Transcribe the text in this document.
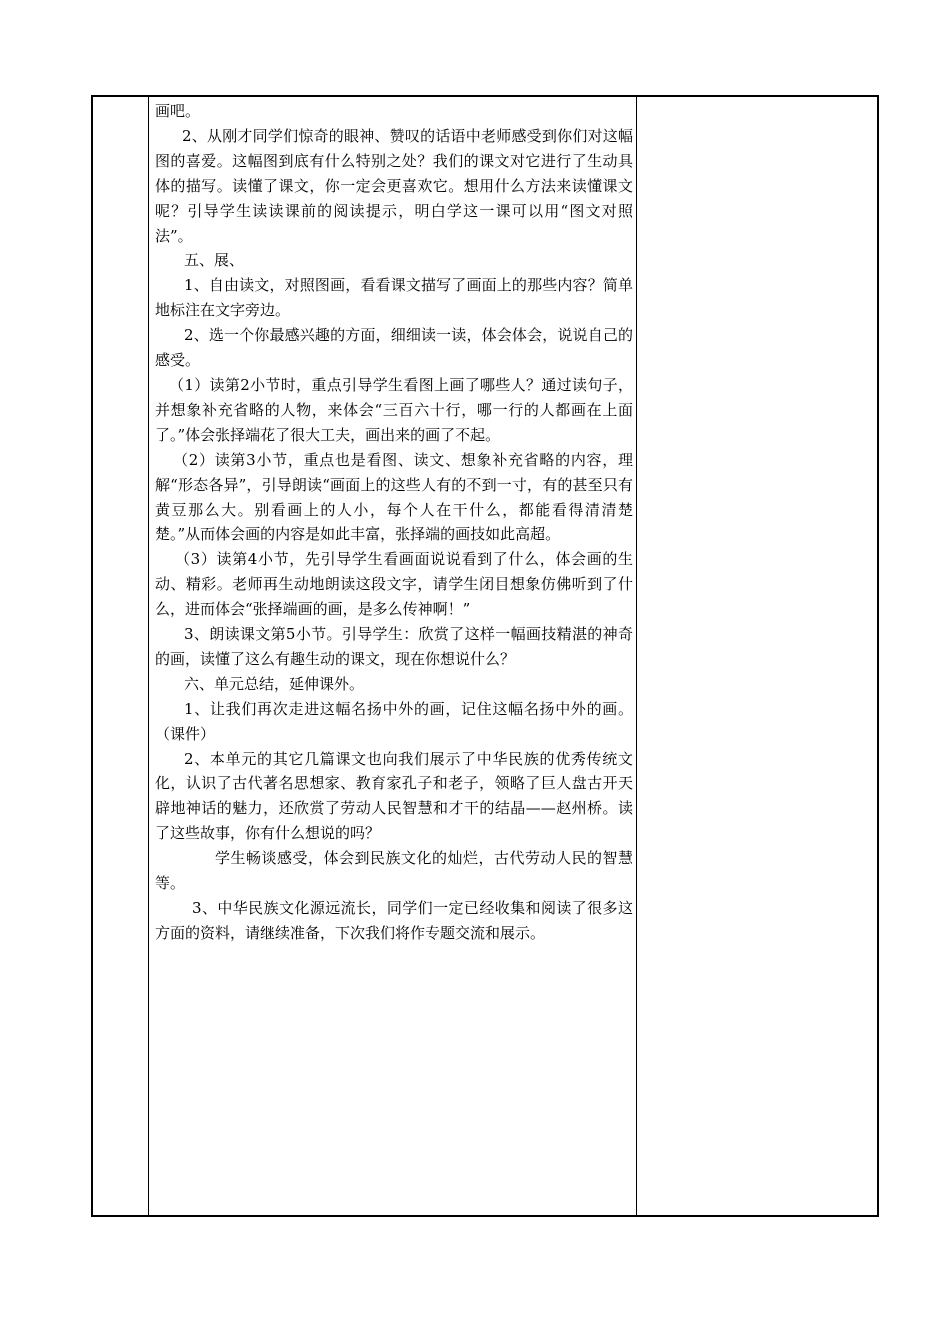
画吧。

2、从刚才同学们惊奇的眼神、赞叹的话语中老师感受到你们对这幅图的喜爱。这幅图到底有什么特别之处？我们的课文对它进行了生动具体的描写。读懂了课文，你一定会更喜欢它。想用什么方法来读懂课文呢？引导学生读读课前的阅读提示，明白学这一课可以用“图文对照法”。

五、展、

1、自由读文，对照图画，看看课文描写了画面上的那些内容？简单地标注在文字旁边。

2、选一个你最感兴趣的方面，细细读一读，体会体会，说说自己的感受。

（1）读第2小节时，重点引导学生看图上画了哪些人？通过读句子，并想象补充省略的人物，来体会“三百六十行，哪一行的人都画在上面了。”体会张择端花了很大工夫，画出来的画了不起。

（2）读第3小节，重点也是看图、读文、想象补充省略的内容，理解“形态各异”，引导朗读“画面上的这些人有的不到一寸，有的甚至只有黄豆那么大。别看画上的人小，每个人在干什么，都能看得清清楚楚。”从而体会画的内容是如此丰富，张择端的画技如此高超。

（3）读第4小节，先引导学生看画面说说看到了什么，体会画的生动、精彩。老师再生动地朗读这段文字，请学生闭目想象仿佛听到了什么，进而体会“张择端画的画，是多么传神啊！”

3、朗读课文第5小节。引导学生：欣赏了这样一幅画技精湛的神奇的画，读懂了这么有趣生动的课文，现在你想说什么？

六、单元总结，延伸课外。

1、让我们再次走进这幅名扬中外的画，记住这幅名扬中外的画。（课件）

2、本单元的其它几篇课文也向我们展示了中华民族的优秀传统文化，认识了古代著名思想家、教育家孔子和老子，领略了巨人盘古开天辟地神话的魅力，还欣赏了劳动人民智慧和才干的结晶——赵州桥。读了这些故事，你有什么想说的吗？

学生畅谈感受，体会到民族文化的灿烂，古代劳动人民的智慧等。

3、中华民族文化源远流长，同学们一定已经收集和阅读了很多这方面的资料，请继续准备，下次我们将作专题交流和展示。
